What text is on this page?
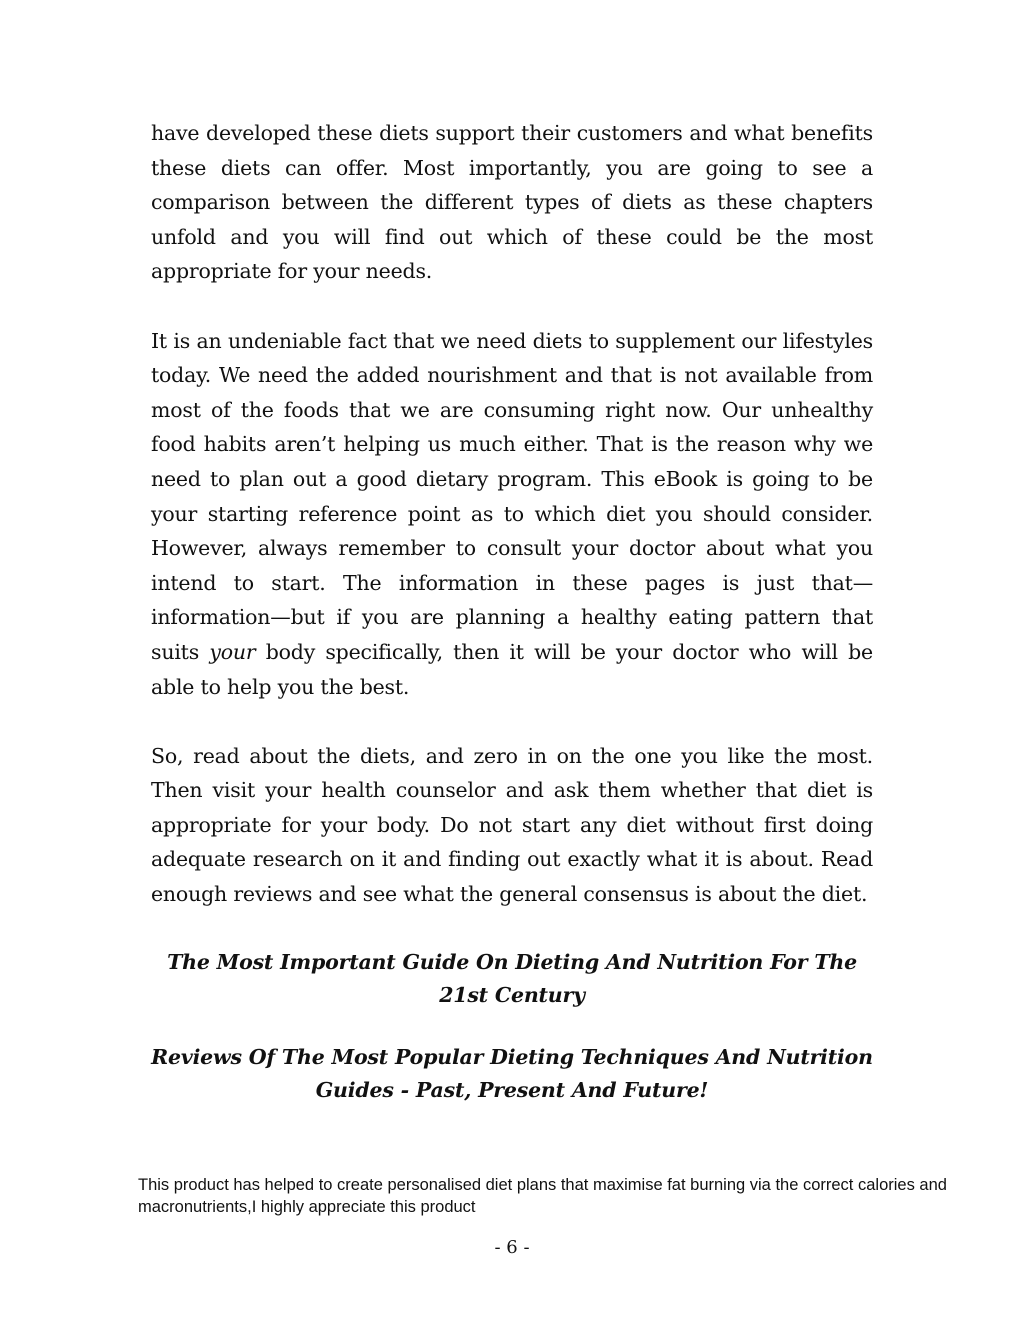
have developed these diets support their customers and what benefits these diets can offer. Most importantly, you are going to see a comparison between the different types of diets as these chapters unfold and you will find out which of these could be the most appropriate for your needs.

It is an undeniable fact that we need diets to supplement our lifestyles today. We need the added nourishment and that is not available from most of the foods that we are consuming right now. Our unhealthy food habits aren’t helping us much either. That is the reason why we need to plan out a good dietary program. This eBook is going to be your starting reference point as to which diet you should consider. However, always remember to consult your doctor about what you intend to start. The information in these pages is just that—information—but if you are planning a healthy eating pattern that suits your body specifically, then it will be your doctor who will be able to help you the best.

So, read about the diets, and zero in on the one you like the most. Then visit your health counselor and ask them whether that diet is appropriate for your body. Do not start any diet without first doing adequate research on it and finding out exactly what it is about. Read enough reviews and see what the general consensus is about the diet.

The Most Important Guide On Dieting And Nutrition For The 21st Century
Reviews Of The Most Popular Dieting Techniques And Nutrition Guides - Past, Present And Future!

This product has helped to create personalised diet plans that maximise fat burning via the correct calories and macronutrients,I highly appreciate this product

- 6 -
